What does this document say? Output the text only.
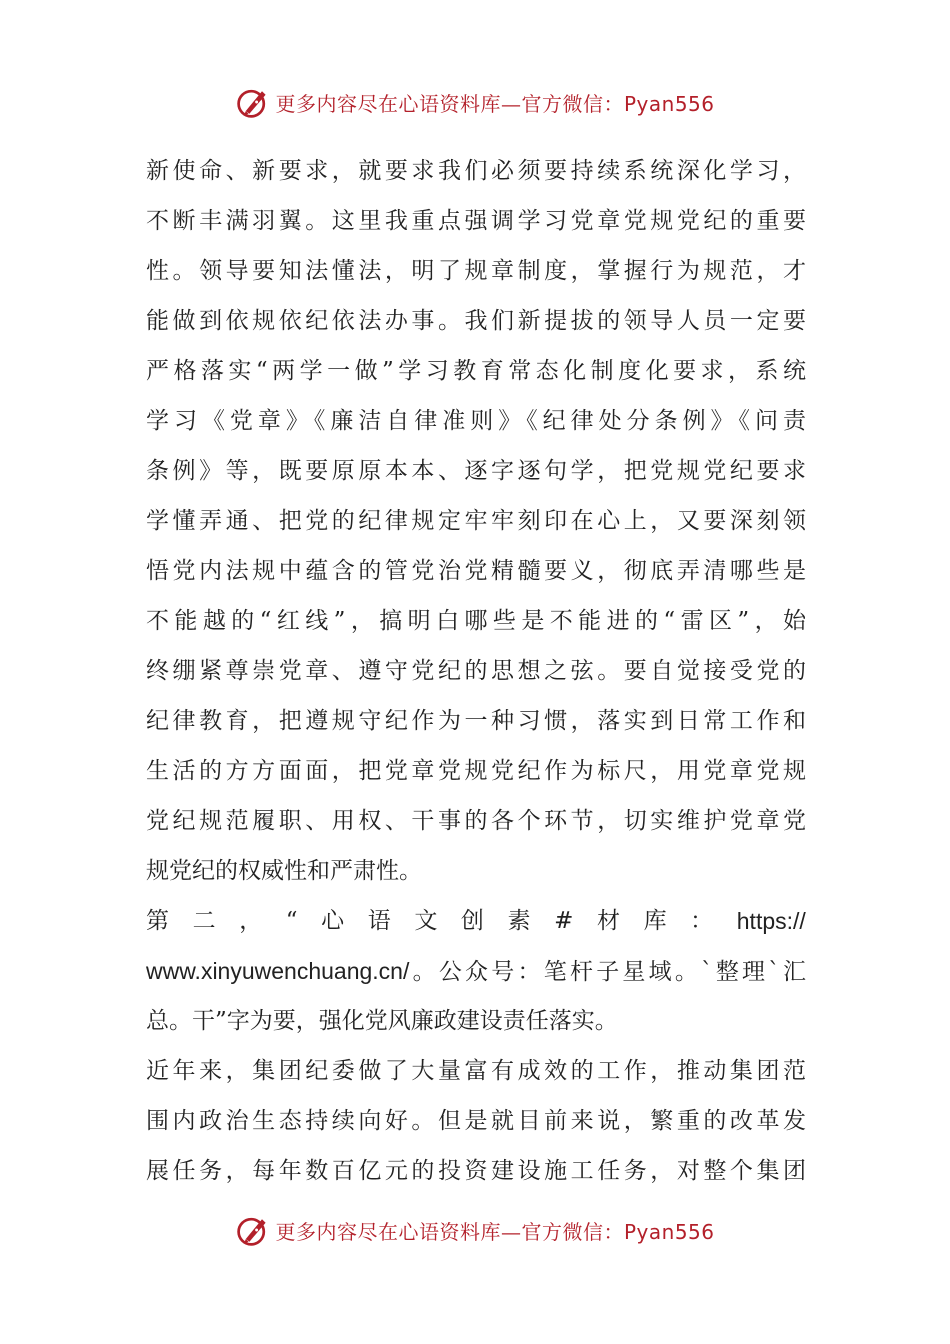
更多内容尽在心语资料库—官方微信：Pyan556
新使命、新要求，就要求我们必须要持续系统深化学习，
不断丰满羽翼。这里我重点强调学习党章党规党纪的重要
性。领导要知法懂法，明了规章制度，掌握行为规范，才
能做到依规依纪依法办事。我们新提拔的领导人员一定要
严格落实“两学一做”学习教育常态化制度化要求，系统
学习《党章》《廉洁自律准则》《纪律处分条例》《问责
条例》等，既要原原本本、逐字逐句学，把党规党纪要求
学懂弄通、把党的纪律规定牢牢刻印在心上，又要深刻领
悟党内法规中蕴含的管党治党精髓要义，彻底弄清哪些是
不能越的“红线”，搞明白哪些是不能进的“雷区”，始
终绷紧尊崇党章、遵守党纪的思想之弦。要自觉接受党的
纪律教育，把遵规守纪作为一种习惯，落实到日常工作和
生活的方方面面，把党章党规党纪作为标尺，用党章党规
党纪规范履职、用权、干事的各个环节，切实维护党章党
规党纪的权威性和严肃性。
第 二 ， “ 心 语 文 创 素 # 材 库 ： https://
www.xinyuwenchuang.cn/。公众号：笔杆子星域。`整理`汇
总。干”字为要，强化党风廉政建设责任落实。
近年来，集团纪委做了大量富有成效的工作，推动集团范
围内政治生态持续向好。但是就目前来说，繁重的改革发
展任务，每年数百亿元的投资建设施工任务，对整个集团
更多内容尽在心语资料库—官方微信：Pyan556
